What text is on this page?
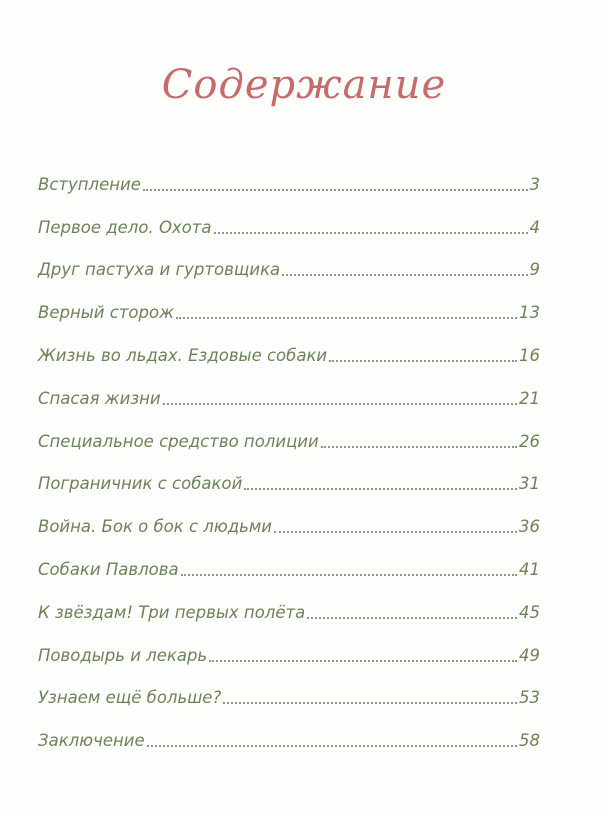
Содержание
Вступление	3
Первое дело. Охота	4
Друг пастуха и гуртовщика	9
Верный сторож	13
Жизнь во льдах. Ездовые собаки	16
Спасая жизни	21
Специальное средство полиции	26
Пограничник с собакой	31
Война. Бок о бок с людьми	36
Собаки Павлова	41
К звёздам! Три первых полёта	45
Поводырь и лекарь	49
Узнаем ещё больше?	53
Заключение	58
